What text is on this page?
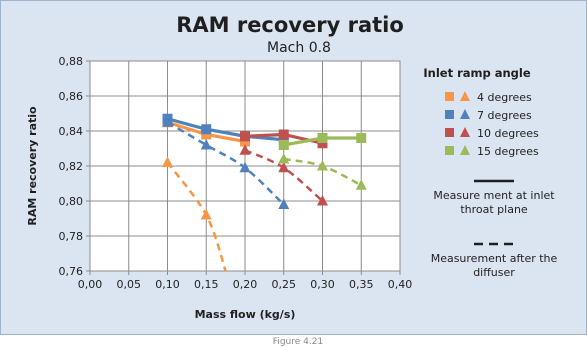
RAM recovery ratio
Mach 0.8
0,00 0,05 0,10 0,15 0,20 0,25 0,30 0,35 0,40
0,76
0,78
0,80
0,82
0,84
0,86
0,88
Mass flow (kg/s)
RAM recovery ratio
Inlet ramp angle
4 degrees
7 degrees
10 degrees
15 degrees
Measure ment at inlet
throat plane
Measurement after the
diffuser
Figure 4.21
